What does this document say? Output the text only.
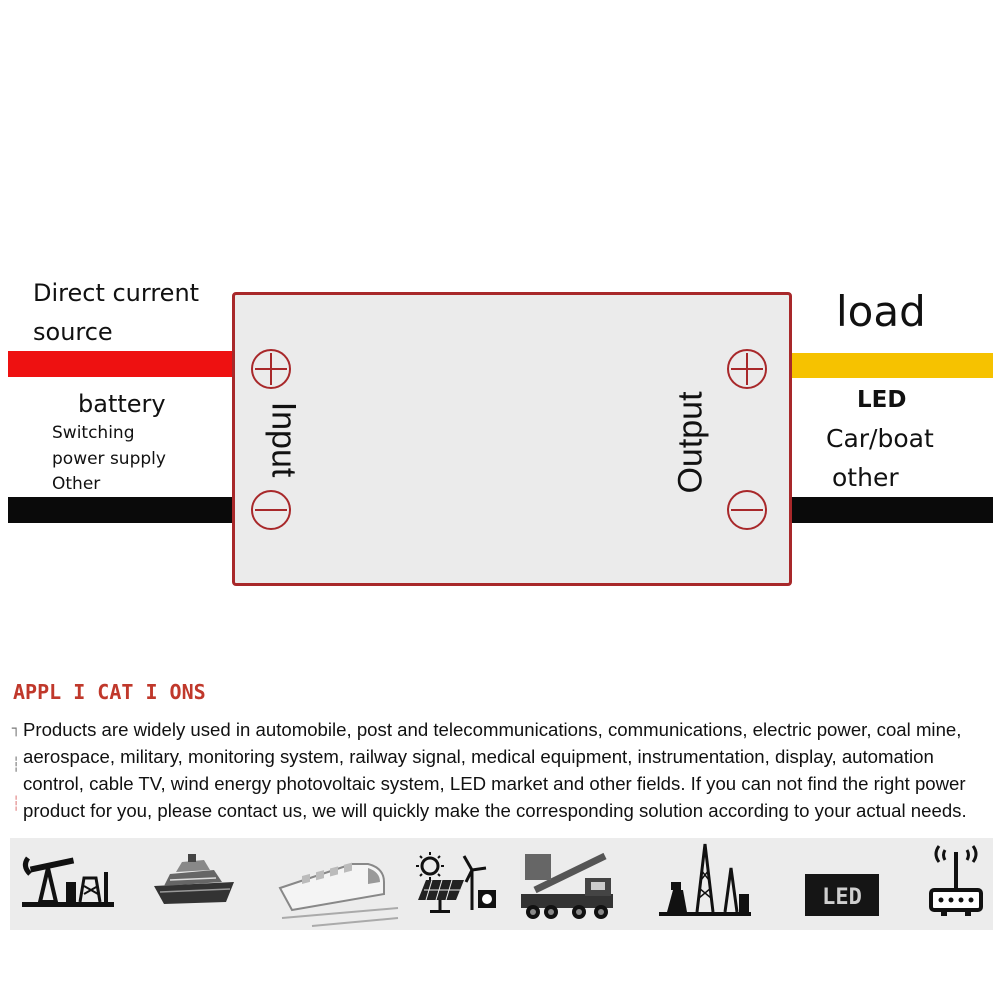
Input	Output
Direct current
source
battery
Switching
power supply
Other
load
LED
Car/boat
other
APPL I CAT I ONS
┐
┆
┆
Products are widely used in automobile, post and telecommunications, communications, electric power, coal mine,
aerospace, military, monitoring system, railway signal, medical equipment, instrumentation, display, automation
control, cable TV, wind energy photovoltaic system, LED market and other fields. If you can not find the right power
product for you, please contact us, we will quickly make the corresponding solution according to your actual needs.
LED
